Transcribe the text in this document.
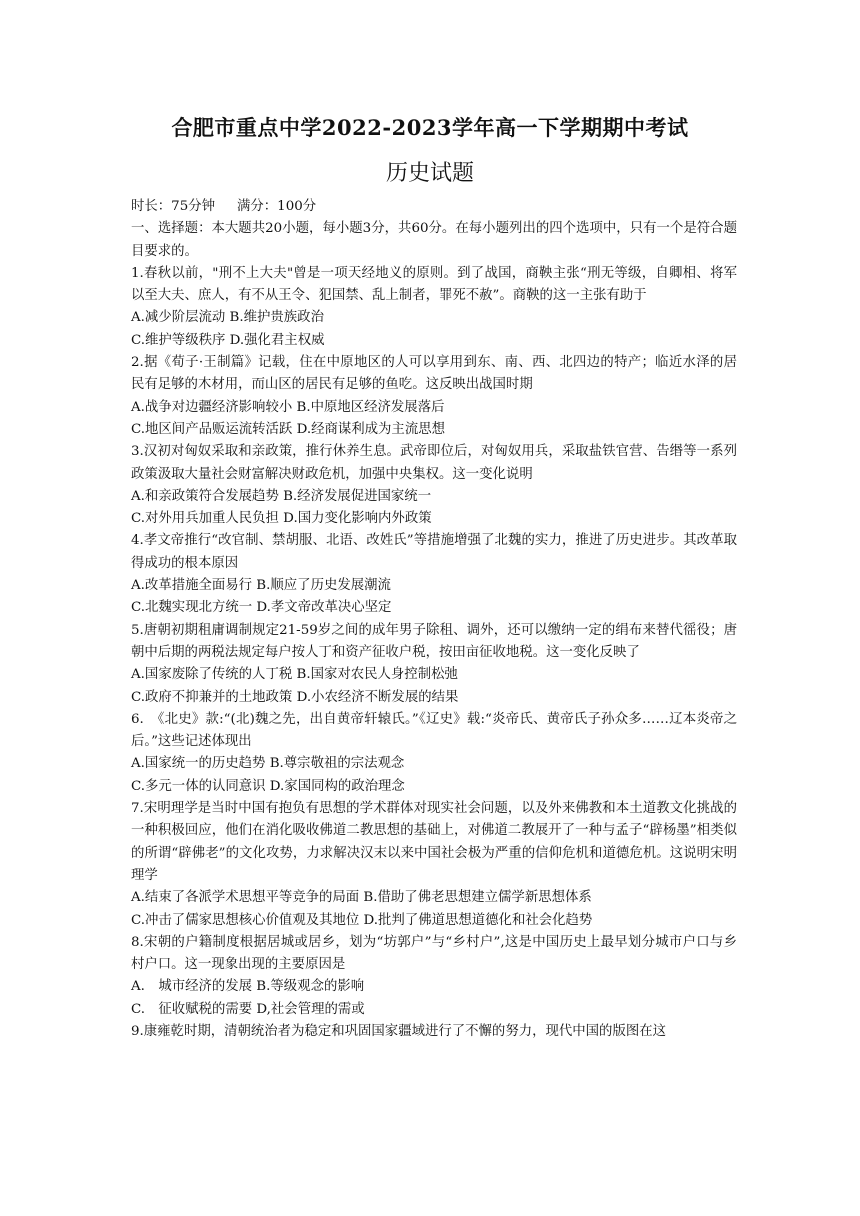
合肥市重点中学2022-2023学年高一下学期期中考试
历史试题

时长：75分钟 满分：100分

一、选择题：本大题共20小题，每小题3分，共60分。在每小题列出的四个选项中，只有一个是符合题目要求的。

1.春秋以前，"刑不上大夫"曾是一项天经地义的原则。到了战国，商鞅主张“刑无等级，自卿相、将军以至大夫、庶人，有不从王令、犯国禁、乱上制者，罪死不赦”。商鞅的这一主张有助于

A.减少阶层流动 B.维护贵族政治

C.维护等级秩序 D.强化君主权威

2.据《荀子·王制篇》记载，住在中原地区的人可以享用到东、南、西、北四边的特产；临近水泽的居民有足够的木材用，而山区的居民有足够的鱼吃。这反映出战国时期

A.战争对边疆经济影响较小 B.中原地区经济发展落后

C.地区间产品贩运流转活跃 D.经商谋利成为主流思想

3.汉初对匈奴采取和亲政策，推行休养生息。武帝即位后，对匈奴用兵，采取盐铁官营、告缗等一系列政策汲取大量社会财富解决财政危机，加强中央集权。这一变化说明

A.和亲政策符合发展趋势 B.经济发展促进国家统一

C.对外用兵加重人民负担 D.国力变化影响内外政策

4.孝文帝推行“改官制、禁胡服、北语、改姓氏”等措施增强了北魏的实力，推进了历史进步。其改革取得成功的根本原因

A.改革措施全面易行 B.顺应了历史发展潮流

C.北魏实现北方统一 D.孝文帝改革决心坚定

5.唐朝初期租庸调制规定21-59岁之间的成年男子除租、调外，还可以缴纳一定的绢布来替代徭役；唐朝中后期的两税法规定每户按人丁和资产征收户税，按田亩征收地税。这一变化反映了

A.国家废除了传统的人丁税 B.国家对农民人身控制松弛

C.政府不抑兼并的土地政策 D.小农经济不断发展的结果

6.　《北史》款:“(北)魏之先，出自黄帝轩辕氏。”《辽史》载:“炎帝氏、黄帝氏子孙众多……辽本炎帝之后。”这些记述体现出

A.国家统一的历史趋势 B.尊宗敬祖的宗法观念

C.多元一体的认同意识 D.家国同构的政治理念

7.宋明理学是当时中国有抱负有思想的学术群体对现实社会问题，以及外来佛教和本土道教文化挑战的一种积极回应，他们在消化吸收佛道二教思想的基础上，对佛道二教展开了一种与孟子“辟杨墨”相类似的所谓“辟佛老”的文化攻势，力求解决汉末以来中国社会极为严重的信仰危机和道德危机。这说明宋明理学

A.结束了各派学术思想平等竞争的局面 B.借助了佛老思想建立儒学新思想体系

C.冲击了儒家思想核心价值观及其地位 D.批判了佛道思想道德化和社会化趋势

8.宋朝的户籍制度根据居城或居乡，划为“坊郭户”与“乡村户”,这是中国历史上最早划分城市户口与乡村户口。这一现象出现的主要原因是

A.　城市经济的发展 B.等级观念的影响

C.　征收赋税的需要 D,社会管理的需或

9.康雍乾时期，清朝统治者为稳定和巩固国家疆域进行了不懈的努力，现代中国的版图在这
